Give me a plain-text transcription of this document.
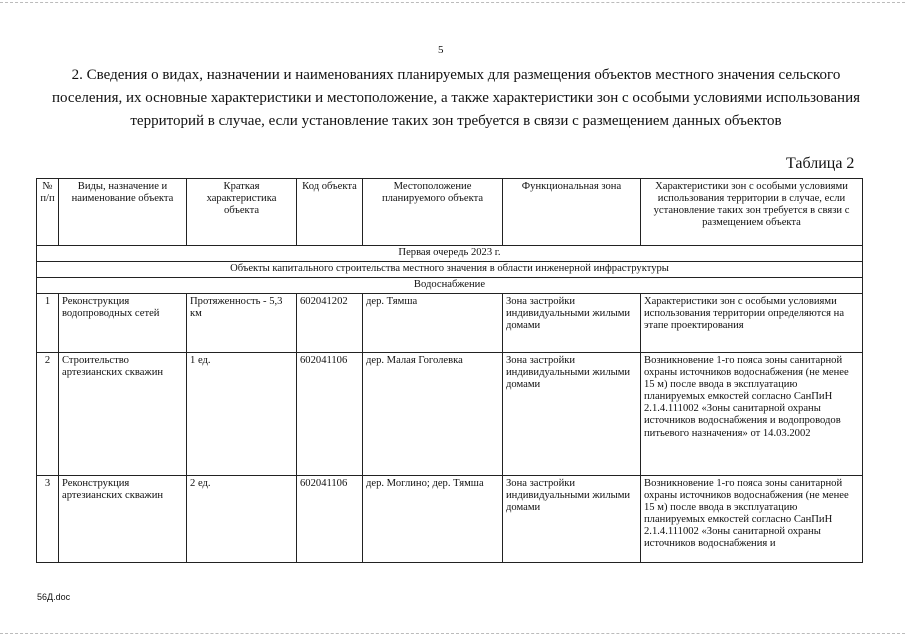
5
2. Сведения о видах, назначении и наименованиях планируемых для размещения объектов местного значения сельского поселения, их основные характеристики и местоположение, а также характеристики зон с особыми условиями использования территорий в случае, если установление таких зон требуется в связи с размещением данных объектов
Таблица 2
№ п/п	Виды, назначение и наименование объекта	Краткая характеристика объекта	Код объекта	Местоположение планируемого объекта	Функциональная зона	Характеристики зон с особыми условиями использования территории в случае, если установление таких зон требуется в связи с размещением объекта
Первая очередь 2023 г.						
Объекты капитального строительства местного значения в области инженерной инфраструктуры						
Водоснабжение						
1	Реконструкция водопроводных сетей	Протяженность - 5,3 км	602041202	дер. Тямша	Зона застройки индивидуальными жилыми домами	Характеристики зон с особыми условиями использования территории определяются на этапе проектирования
2	Строительство артезианских скважин	1 ед.	602041106	дер. Малая Гоголевка	Зона застройки индивидуальными жилыми домами	Возникновение 1-го пояса зоны санитарной охраны источников водоснабжения (не менее 15 м) после ввода в эксплуатацию планируемых емкостей согласно СанПиН 2.1.4.111002 «Зоны санитарной охраны источников водоснабжения и водопроводов питьевого назначения» от 14.03.2002
3	Реконструкция артезианских скважин	2 ед.	602041106	дер. Моглино; дер. Тямша	Зона застройки индивидуальными жилыми домами	Возникновение 1-го пояса зоны санитарной охраны источников водоснабжения (не менее 15 м) после ввода в эксплуатацию планируемых емкостей согласно СанПиН 2.1.4.111002 «Зоны санитарной охраны источников водоснабжения и
56Д.doc
